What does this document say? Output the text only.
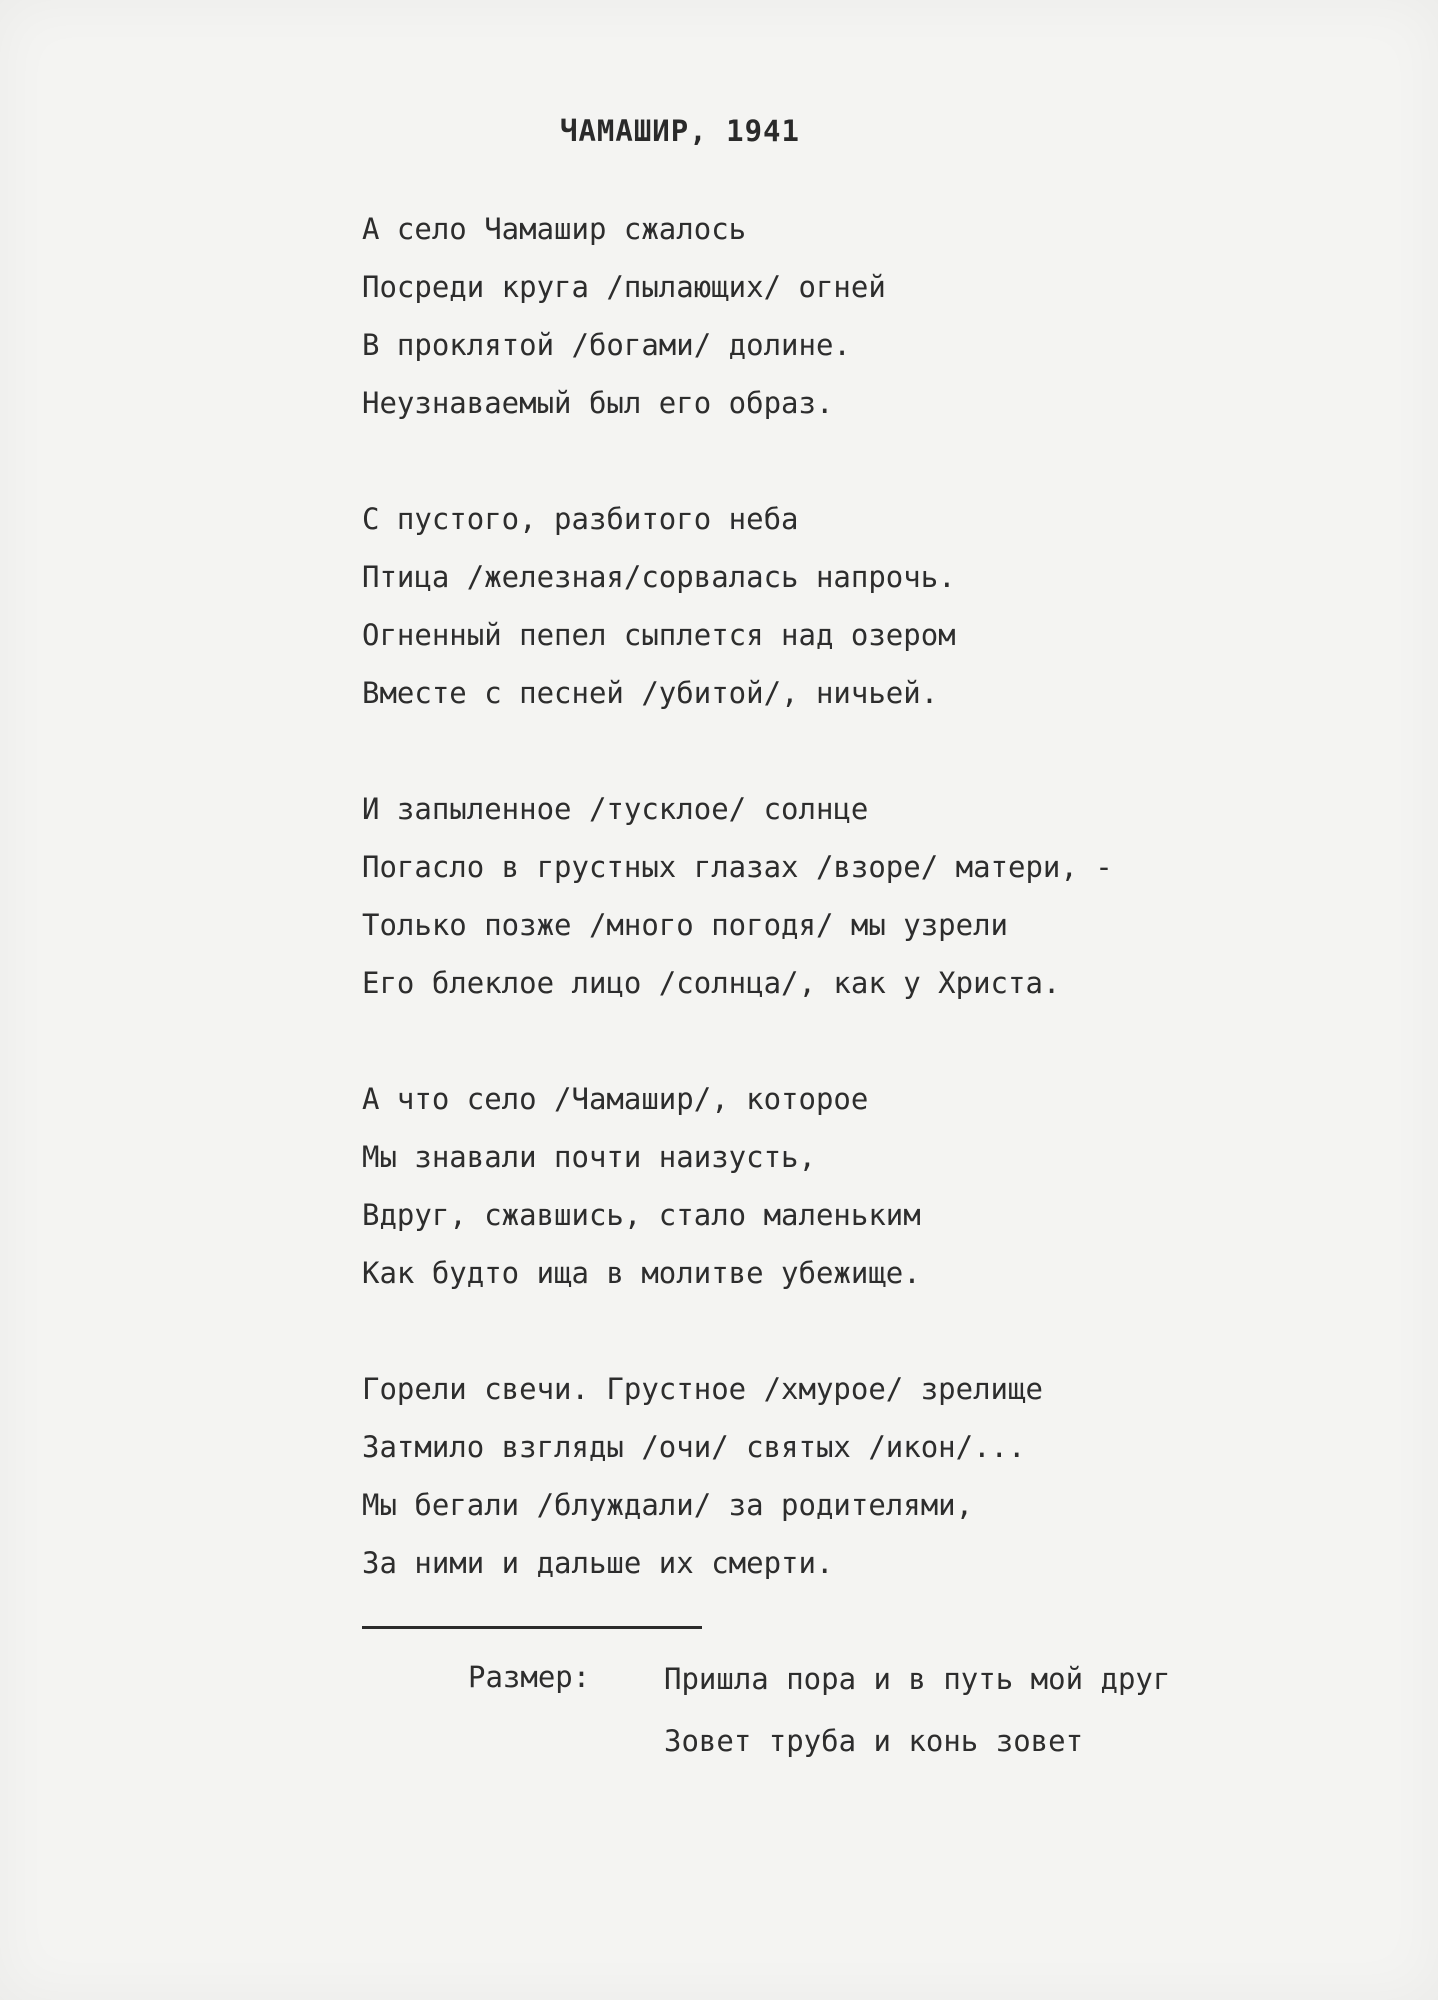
ЧАМАШИР, 1941
А село Чамашир сжалось
Посреди круга /пылающих/ огней
В проклятой /богами/ долине.
Неузнаваемый был его образ.
С пустого, разбитого неба
Птица /железная/сорвалась напрочь.
Огненный пепел сыплется над озером
Вместе с песней /убитой/, ничьей.
И запыленное /тусклое/ солнце
Погасло в грустных глазах /взоре/ матери, -
Только позже /много погодя/ мы узрели
Его блеклое лицо /солнца/, как у Христа.
А что село /Чамашир/, которое
Мы знавали почти наизусть,
Вдруг, сжавшись, стало маленьким
Как будто ища в молитве убежище.
Горели свечи. Грустное /хмурое/ зрелище
Затмило взгляды /очи/ святых /икон/...
Мы бегали /блуждали/ за родителями,
За ними и дальше их смерти.
Размер:	Пришла пора и в путь мой друг
Зовет труба и конь зовет
